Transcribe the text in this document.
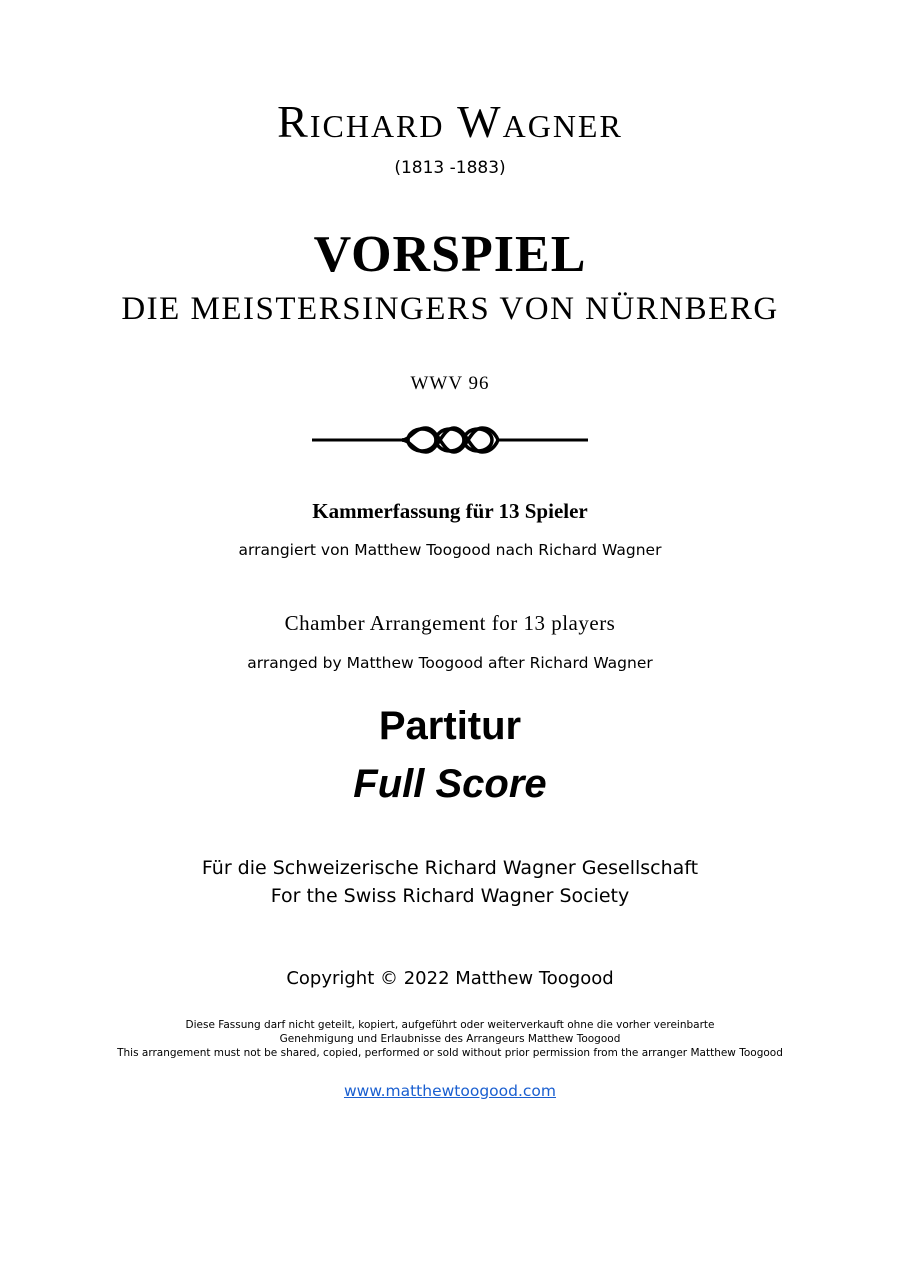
Richard Wagner
(1813 -1883)
VORSPIEL
DIE MEISTERSINGERS VON NÜRNBERG
WWV 96
Kammerfassung für 13 Spieler
arrangiert von Matthew Toogood nach Richard Wagner
Chamber Arrangement for 13 players
arranged by Matthew Toogood after Richard Wagner
Partitur
Full Score
Für die Schweizerische Richard Wagner Gesellschaft
For the Swiss Richard Wagner Society
Copyright © 2022 Matthew Toogood
Diese Fassung darf nicht geteilt, kopiert, aufgeführt oder weiterverkauft ohne die vorher vereinbarte
Genehmigung und Erlaubnisse des Arrangeurs Matthew Toogood
This arrangement must not be shared, copied, performed or sold without prior permission from the arranger Matthew Toogood
www.matthewtoogood.com
